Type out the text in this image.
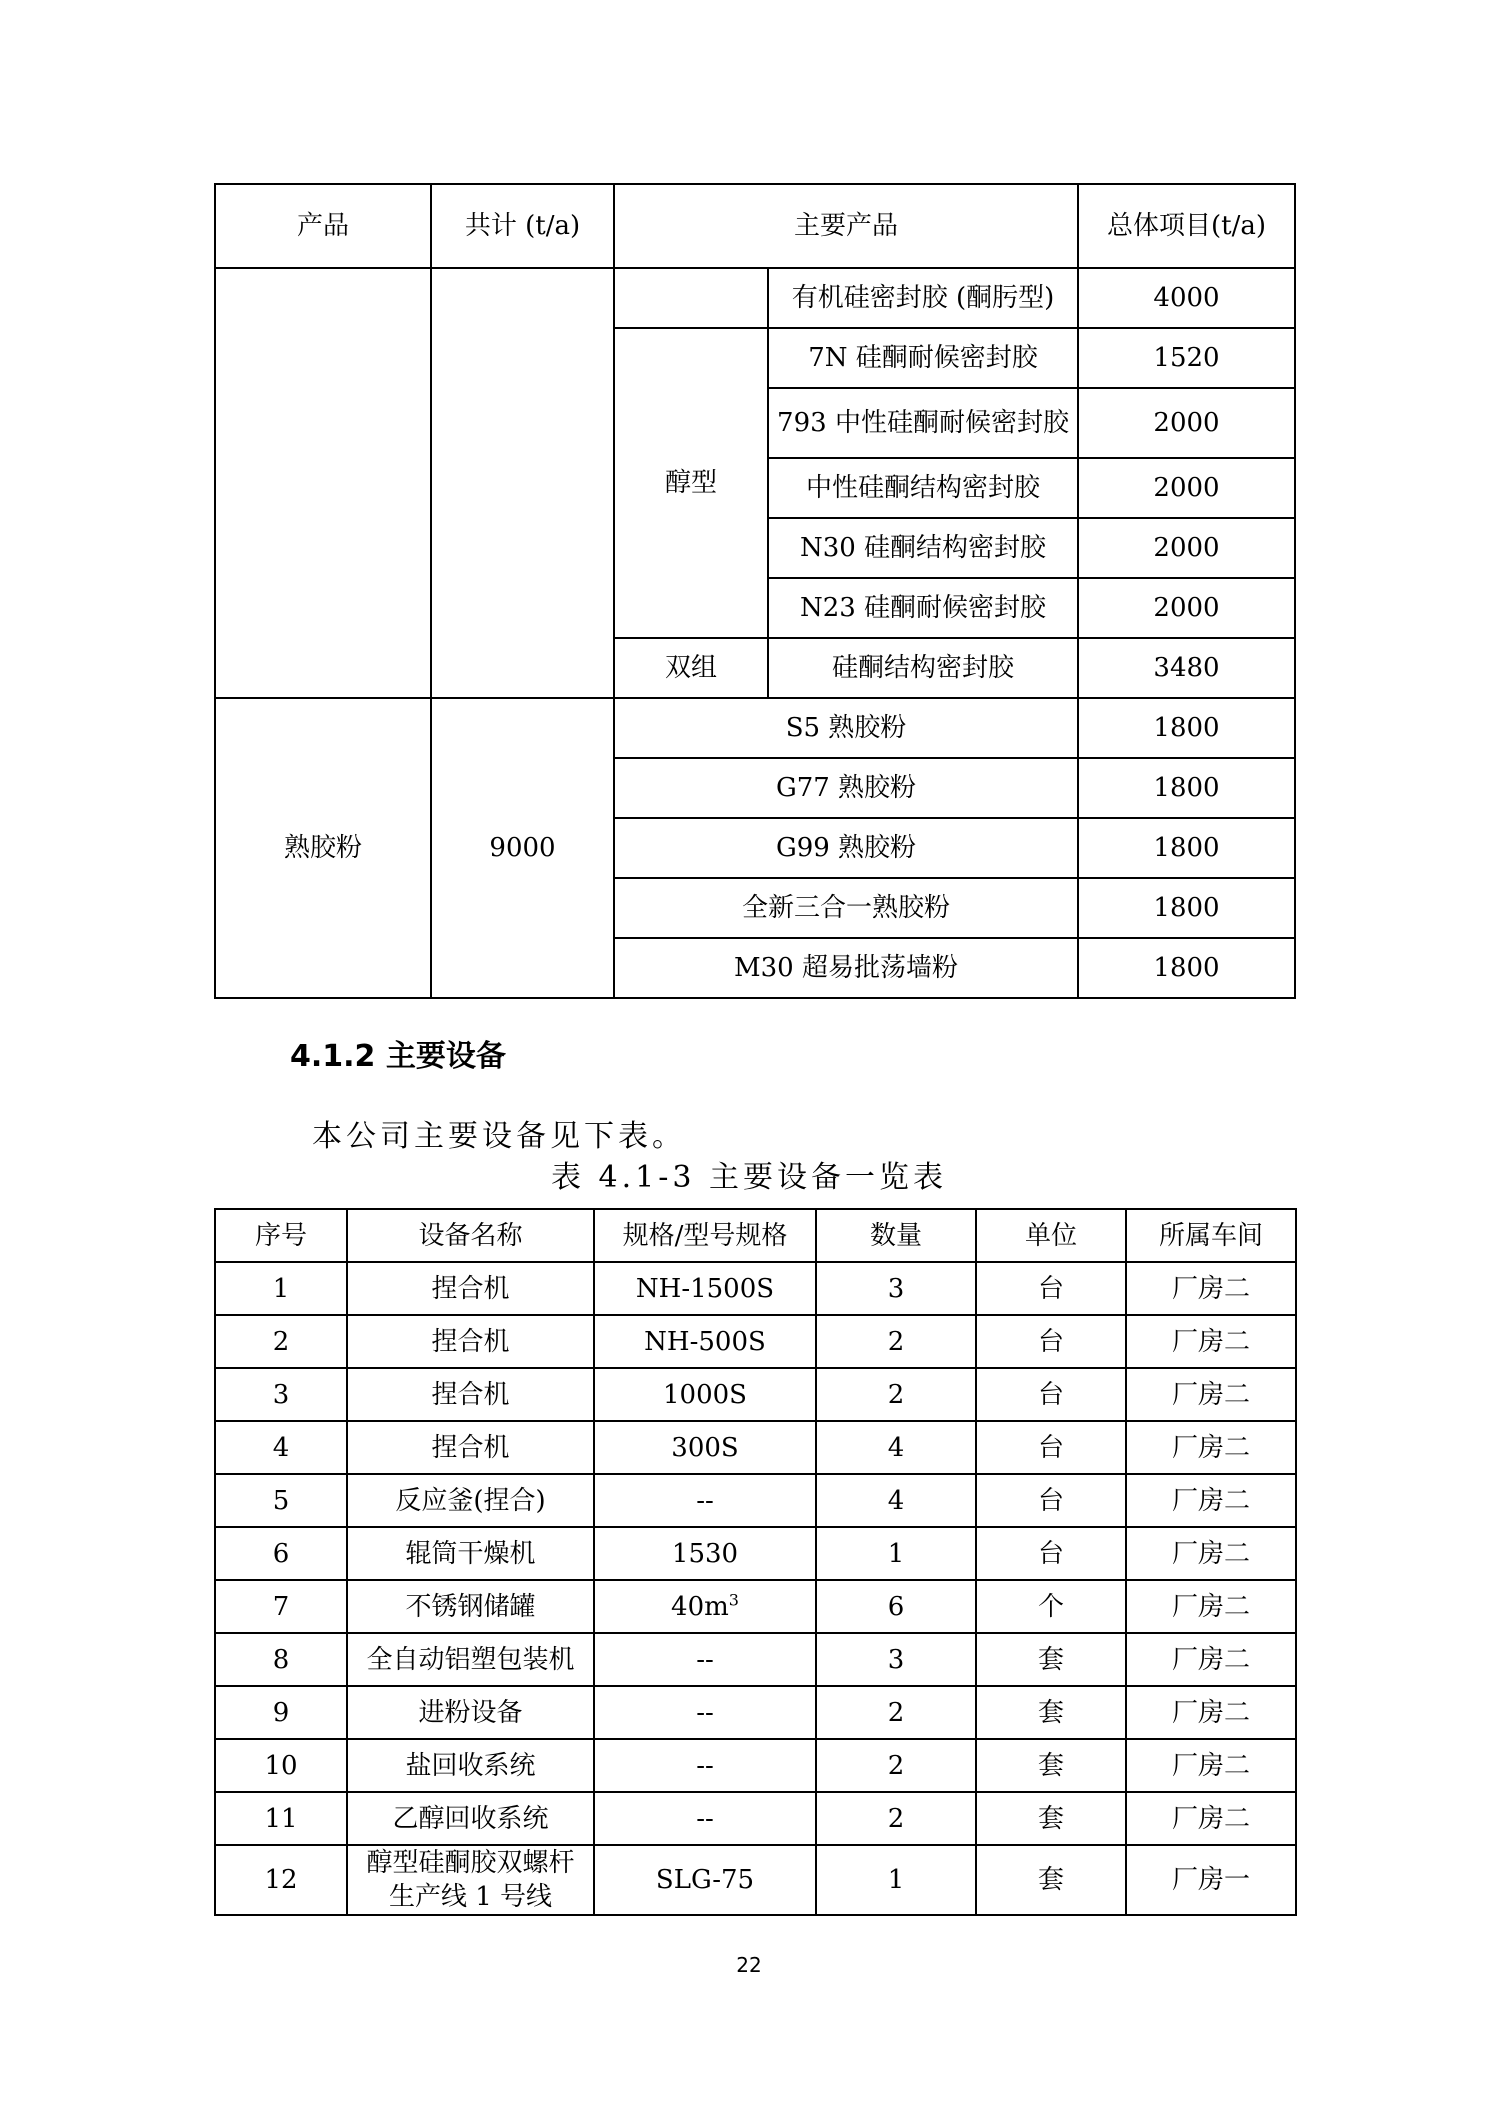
产品	共计 (t/a)	主要产品		总体项目(t/a)
			有机硅密封胶 (酮肟型)	4000
		醇型	7N 硅酮耐候密封胶	1520
			793 中性硅酮耐候密封胶	2000
			中性硅酮结构密封胶	2000
			N30 硅酮结构密封胶	2000
			N23 硅酮耐候密封胶	2000
		双组	硅酮结构密封胶	3480
熟胶粉	9000	S5 熟胶粉		1800
		G77 熟胶粉		1800
		G99 熟胶粉		1800
		全新三合一熟胶粉		1800
		M30 超易批荡墙粉		1800
4.1.2 主要设备
本公司主要设备见下表。
表 4.1-3 主要设备一览表
序号	设备名称	规格/型号规格	数量	单位	所属车间
1	捏合机	NH-1500S	3	台	厂房二
2	捏合机	NH-500S	2	台	厂房二
3	捏合机	1000S	2	台	厂房二
4	捏合机	300S	4	台	厂房二
5	反应釜(捏合)	--	4	台	厂房二
6	辊筒干燥机	1530	1	台	厂房二
7	不锈钢储罐	$40m^3$	6	个	厂房二
8	全自动铝塑包装机	--	3	套	厂房二
9	进粉设备	--	2	套	厂房二
10	盐回收系统	--	2	套	厂房二
11	乙醇回收系统	--	2	套	厂房二
12	醇型硅酮胶双螺杆生产线 1 号线	SLG-75	1	套	厂房一
22
